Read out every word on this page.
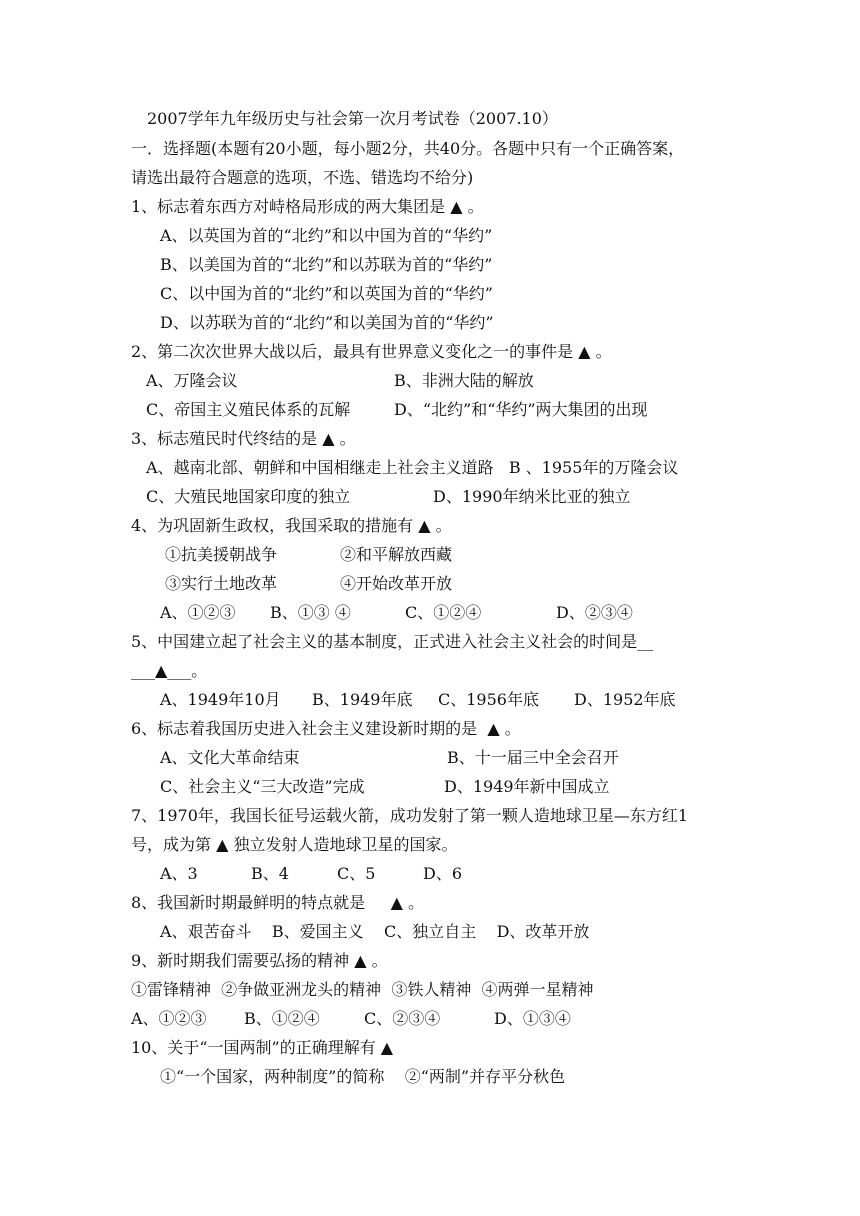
2007学年九年级历史与社会第一次月考试卷（2007.10）
一．选择题(本题有20小题，每小题2分，共40分。各题中只有一个正确答案，
请选出最符合题意的选项，不选、错选均不给分)
1、标志着东西方对峙格局形成的两大集团是 ▲ 。
A、以英国为首的“北约”和以中国为首的“华约”
B、以美国为首的“北约”和以苏联为首的“华约”
C、以中国为首的“北约”和以英国为首的“华约”
D、以苏联为首的“北约”和以美国为首的“华约”
2、第二次次世界大战以后，最具有世界意义变化之一的事件是 ▲ 。
A、万隆会议	B、非洲大陆的解放
C、帝国主义殖民体系的瓦解	D、“北约”和“华约”两大集团的出现
3、标志殖民时代终结的是 ▲ 。
A、越南北部、朝鲜和中国相继走上社会主义道路   B 、1955年的万隆会议
C、大殖民地国家印度的独立	D、1990年纳米比亚的独立
4、为巩固新生政权，我国采取的措施有 ▲ 。
①抗美援朝战争	②和平解放西藏
③实行土地改革	④开始改革开放
A、①②③ B、①③ ④	C、①②④	D、②③④
5、中国建立起了社会主义的基本制度，正式进入社会主义社会的时间是__
___▲___。
A、1949年10月 B、1949年底 C、1956年底 D、1952年底
6、标志着我国历史进入社会主义建设新时期的是  ▲ 。
A、文化大革命结束	B、十一届三中全会召开
C、社会主义“三大改造”完成	D、1949年新中国成立
7、1970年，我国长征号运载火箭，成功发射了第一颗人造地球卫星—东方红1
号，成为第 ▲ 独立发射人造地球卫星的国家。
A、3	B、4	C、5	D、6
8、我国新时期最鲜明的特点就是     ▲ 。
A、艰苦奋斗    B、爱国主义    C、独立自主    D、改革开放
9、新时期我们需要弘扬的精神 ▲ 。
①雷锋精神  ②争做亚洲龙头的精神  ③铁人精神  ④两弹一星精神
A、①②③ B、①②④	C、②③④	D、①③④
10、关于“一国两制”的正确理解有 ▲
①“一个国家，两种制度”的简称    ②“两制”并存平分秋色
